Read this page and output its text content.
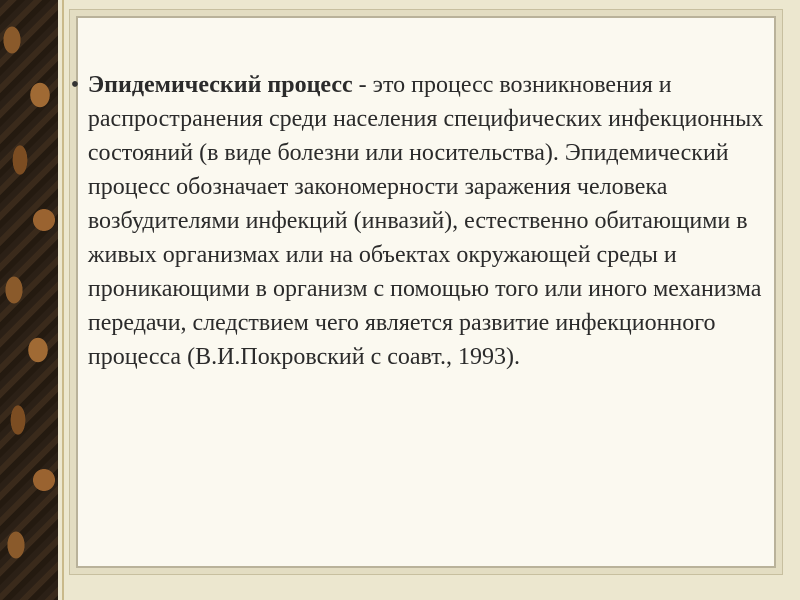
• Эпидемический процесс - это процесс возникновения и распространения среди населения специфических инфекционных состояний (в виде болезни или носительства). Эпидемический процесс обозначает закономерности заражения человека возбудителями инфекций (инвазий), естественно обитающими в живых организмах или на объектах окружающей среды и проникающими в организм с помощью того или иного механизма передачи, следствием чего является развитие инфекционного процесса (В.И.Покровский с соавт., 1993).
